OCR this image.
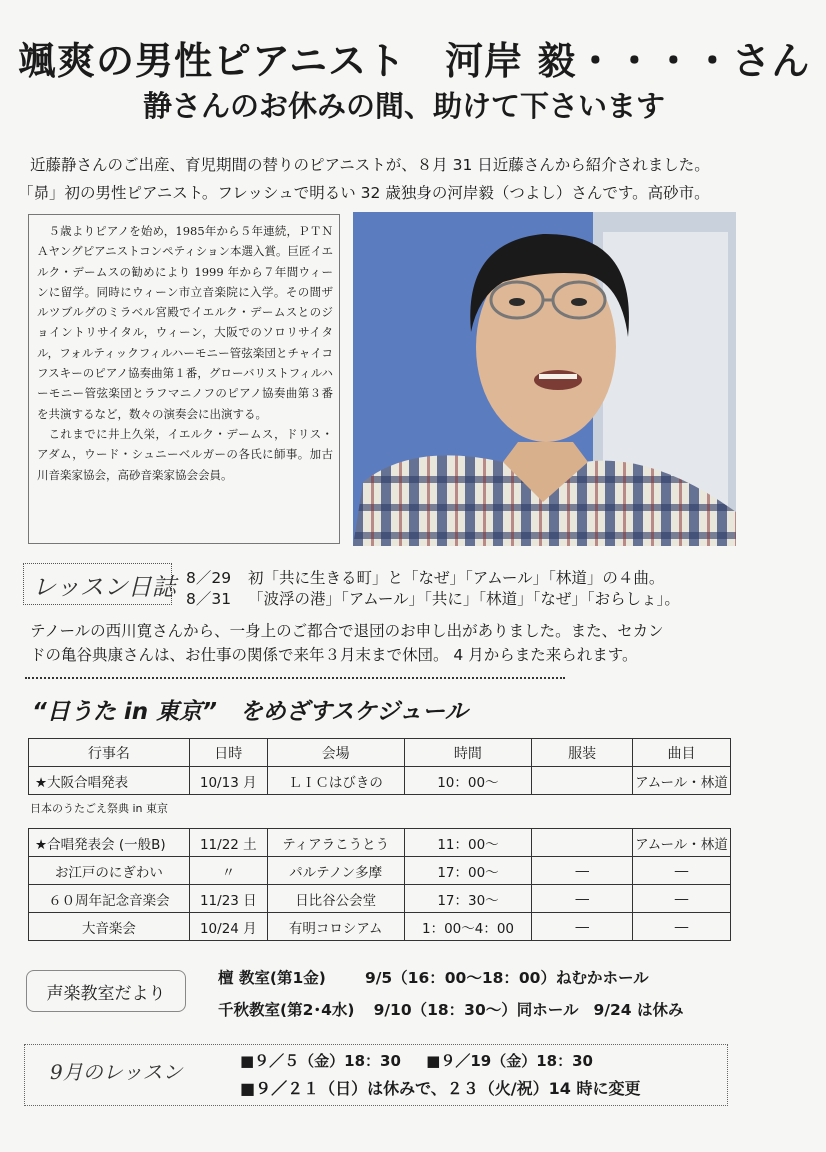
颯爽の男性ピアニスト　河岸 毅・・・・さん
静さんのお休みの間、助けて下さいます
近藤静さんのご出産、育児期間の替りのピアニストが、８月 31 日近藤さんから紹介されました。
「昴」初の男性ピアニスト。フレッシュで明るい 32 歳独身の河岸毅（つよし）さんです。高砂市。

５歳よりピアノを始め，1985年から５年連続，ＰＴＮＡヤングピアニストコンペティション本選入賞。巨匠イエルク・デームスの勧めにより 1999 年から７年間ウィーンに留学。同時にウィーン市立音楽院に入学。その間ザルツブルグのミラベル宮殿でイエルク・デームスとのジョイントリサイタル，ウィーン，大阪でのソロリサイタル，フォルティックフィルハーモニー管弦楽団とチャイコフスキーのピアノ協奏曲第１番，グローバリストフィルハーモニー管弦楽団とラフマニノフのピアノ協奏曲第３番を共演するなど，数々の演奏会に出演する。

これまでに井上久栄，イエルク・デームス，ドリス・アダム，ウード・シュニーベルガーの各氏に師事。加古川音楽家協会，高砂音楽家協会会員。

レッスン日誌 8／29 初「共に生きる町」と「なぜ」「アムール」「林道」の４曲。
8／31 「波浮の港」「アムール」「共に」「林道」「なぜ」「おらしょ」。
テノールの西川寛さんから、一身上のご都合で退団のお申し出がありました。また、セカン
ドの亀谷典康さんは、お仕事の関係で来年３月末まで休団。 4 月からまた来られます。
“日うた in 東京”　をめざすスケジュール
行事名	日時	会場	時間	服装	曲目
★大阪合唱発表	10/13 月	ＬＩＣはびきの	10：00～		アムール・林道
日本のうたごえ祭典 in 東京
★合唱発表会 (一般B)	11/22 土	ティアラこうとう	11：00～		アムール・林道
お江戸のにぎわい	〃	パルテノン多摩	17：00～	―	―
６０周年記念音楽会	11/23 日	日比谷公会堂	17：30～	―	―
大音楽会	10/24 月	有明コロシアム	1：00～4：00	―	―
声楽教室だより
檀 教室(第1金)	9/5（16：00～18：00）ねむかホール
千秋教室(第2･4水) 9/10（18：30～）同ホール 9/24 は休み
9月のレッスン	■９／５（金）18：30 ■９／19（金）18：30
■９／２１（日）は休みで、２３（火/祝）14 時に変更
